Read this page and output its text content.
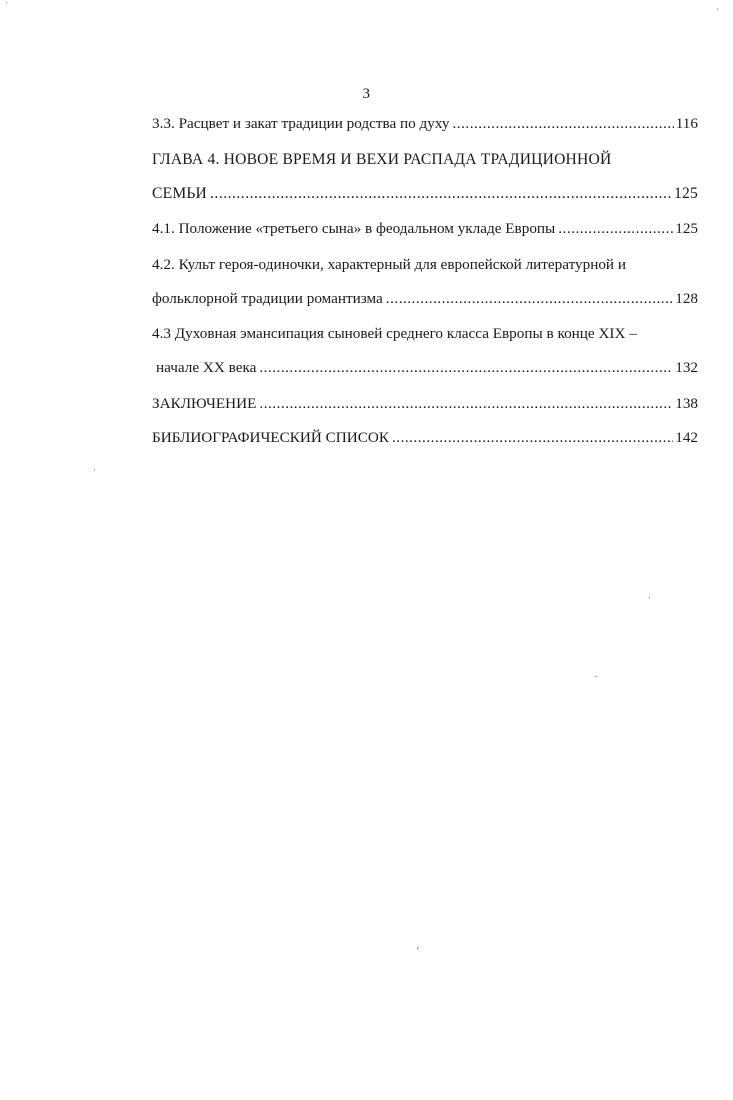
3
3.3. Расцвет и закат традиции родства по духу .....	116
ГЛАВА 4. НОВОЕ ВРЕМЯ И ВЕХИ РАСПАДА ТРАДИЦИОННОЙ
СЕМЬИ .....	125
4.1. Положение «третьего сына» в феодальном укладе Европы .....	125
4.2. Культ героя-одиночки, характерный для европейской литературной и
фольклорной традиции романтизма .....	128
4.3 Духовная эмансипация сыновей среднего класса Европы в конце XIX –
начале XX века .....	132
ЗАКЛЮЧЕНИЕ .....	138
БИБЛИОГРАФИЧЕСКИЙ СПИСОК .....	142
ˊ
ˈ
·
ˈ
˜
‹
